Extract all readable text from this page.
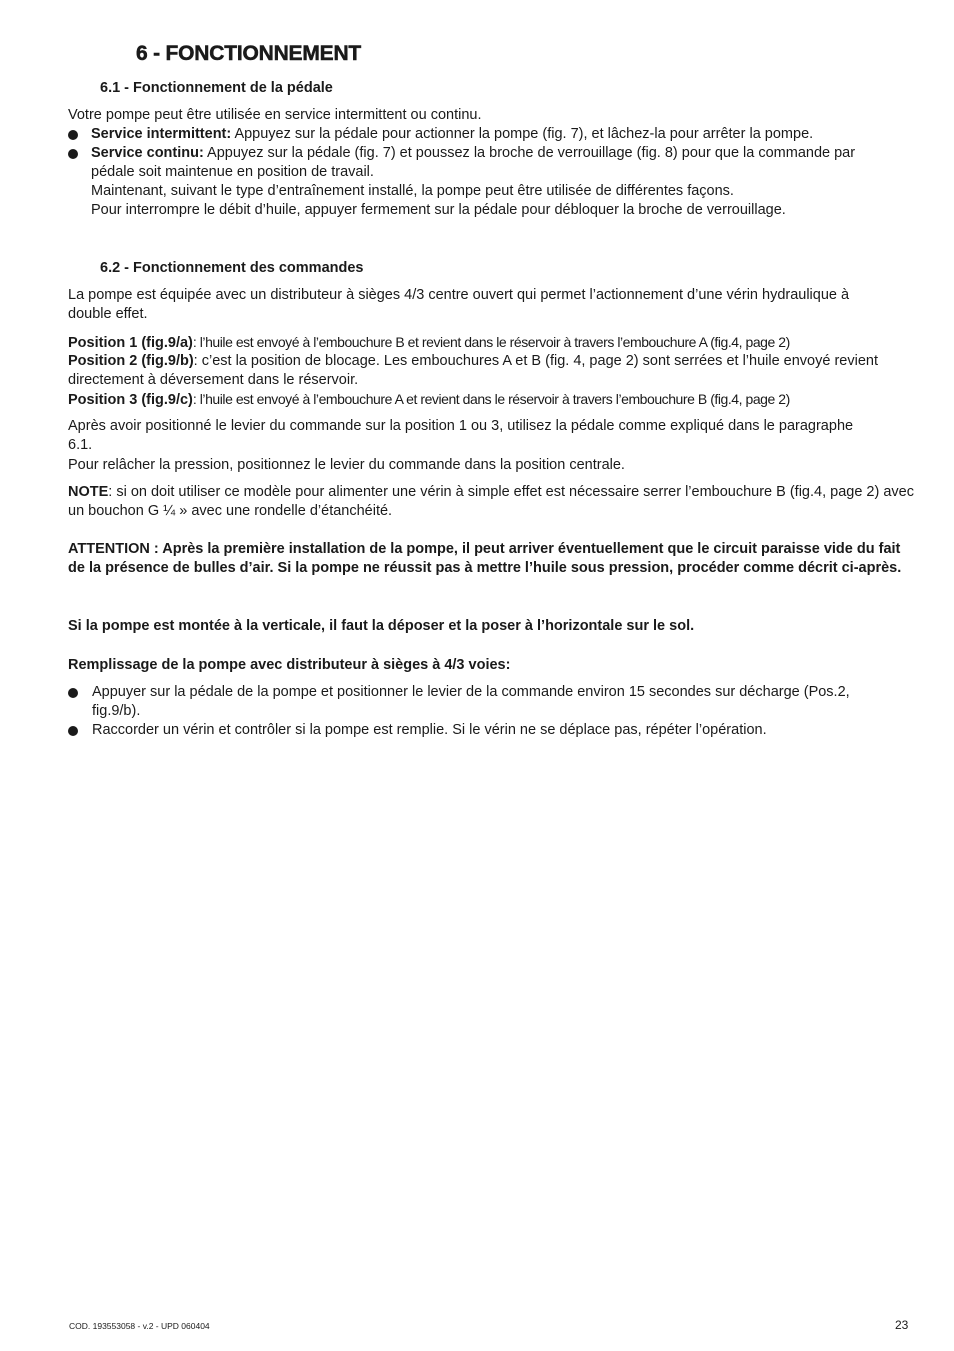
6 - FONCTIONNEMENT
6.1 - Fonctionnement de la pédale
Votre pompe peut être utilisée en service intermittent ou continu.
Service intermittent: Appuyez sur la pédale pour actionner la pompe (fig. 7), et lâchez-la pour arrêter la pompe.
Service continu: Appuyez sur la pédale (fig. 7) et poussez la broche de verrouillage (fig. 8) pour que la commande par pédale soit maintenue en position de travail.
Maintenant, suivant le type d’entraînement installé, la pompe peut être utilisée de différentes façons.
Pour interrompre le débit d’huile, appuyer fermement sur la pédale pour débloquer la broche de verrouillage.
6.2 - Fonctionnement des commandes
La pompe est équipée avec un distributeur à sièges 4/3 centre ouvert qui permet l’actionnement d’une vérin hydraulique à double effet.
Position 1 (fig.9/a): l’huile est envoyé à l’embouchure B et revient dans le réservoir à travers l’embouchure A (fig.4, page 2)
Position 2 (fig.9/b): c’est la position de blocage. Les embouchures A et B (fig. 4, page 2) sont serrées et l’huile envoyé revient directement à déversement dans le réservoir.
Position 3 (fig.9/c): l’huile est envoyé à l’embouchure A et revient dans le réservoir à travers l’embouchure B (fig.4, page 2)
Après avoir positionné le levier du commande sur la position 1 ou 3, utilisez la pédale comme expliqué dans le paragraphe 6.1.
Pour relâcher la pression, positionnez le levier du commande dans la position centrale.
NOTE: si on doit utiliser ce modèle pour alimenter une vérin à simple effet est nécessaire serrer l’embouchure B (fig.4, page 2) avec un bouchon G ¼ » avec une rondelle d’étanchéité.
ATTENTION : Après la première installation de la pompe, il peut arriver éventuellement que le circuit paraisse vide du fait de la présence de bulles d’air. Si la pompe ne réussit pas à mettre l’huile sous pression, procéder comme décrit ci-après.
Si la pompe est montée à la verticale, il faut la déposer et la poser à l’horizontale sur le sol.
Remplissage de la pompe avec distributeur à sièges à 4/3 voies:
Appuyer sur la pédale de la pompe et positionner le levier de la commande environ 15 secondes sur décharge (Pos.2, fig.9/b).
Raccorder un vérin et contrôler si la pompe est remplie. Si le vérin ne se déplace pas, répéter l’opération.
COD. 193553058 - v.2 - UPD 060404	23
